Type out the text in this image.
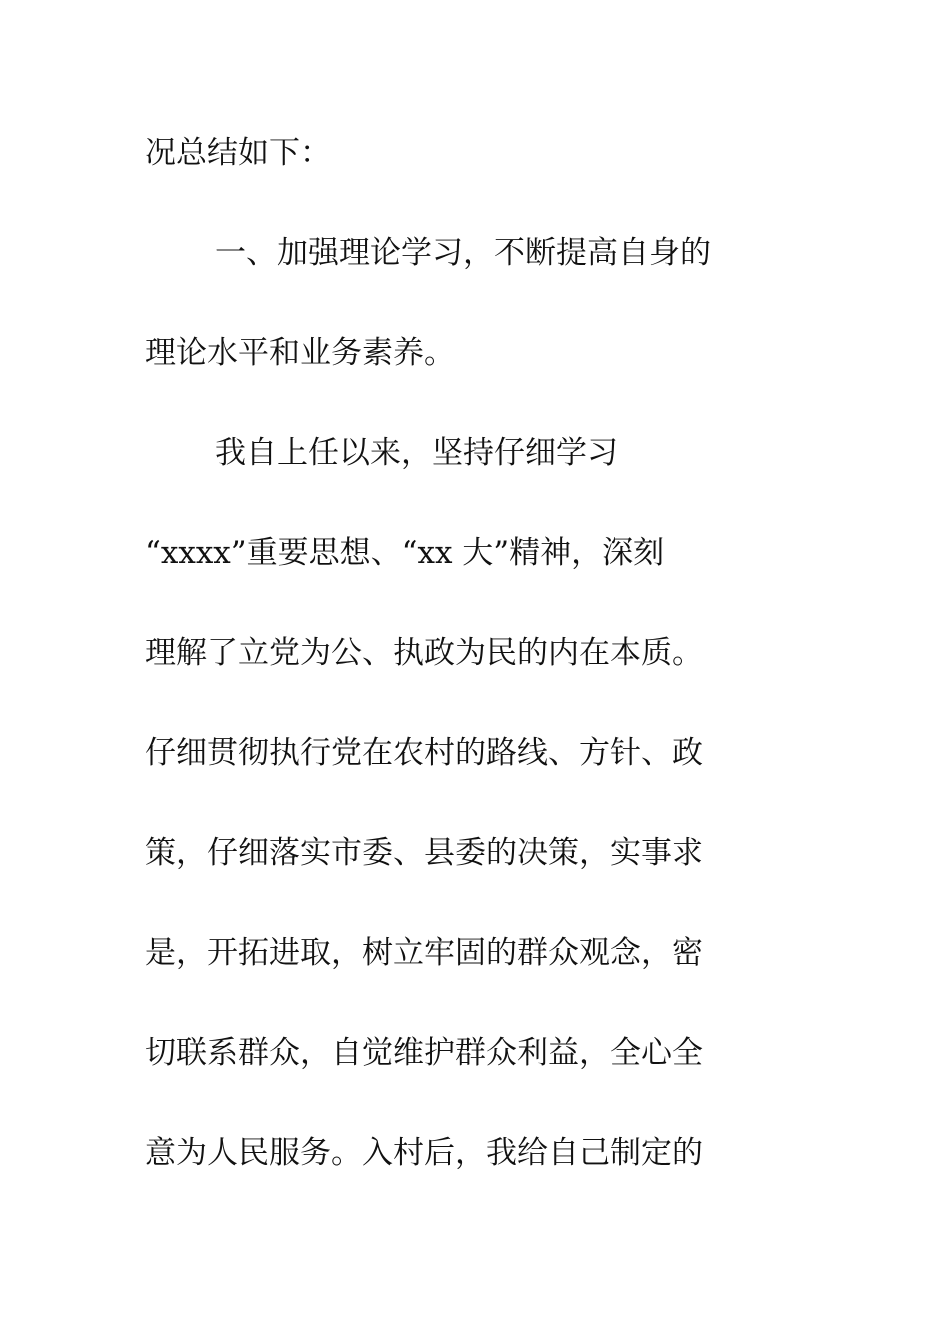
况总结如下：
一、加强理论学习，不断提高自身的
理论水平和业务素养。
我自上任以来，坚持仔细学习
“xxxx”重要思想、“xx 大”精神，深刻
理解了立党为公、执政为民的内在本质。
仔细贯彻执行党在农村的路线、方针、政
策，仔细落实市委、县委的决策，实事求
是，开拓进取，树立牢固的群众观念，密
切联系群众，自觉维护群众利益，全心全
意为人民服务。入村后，我给自己制定的
